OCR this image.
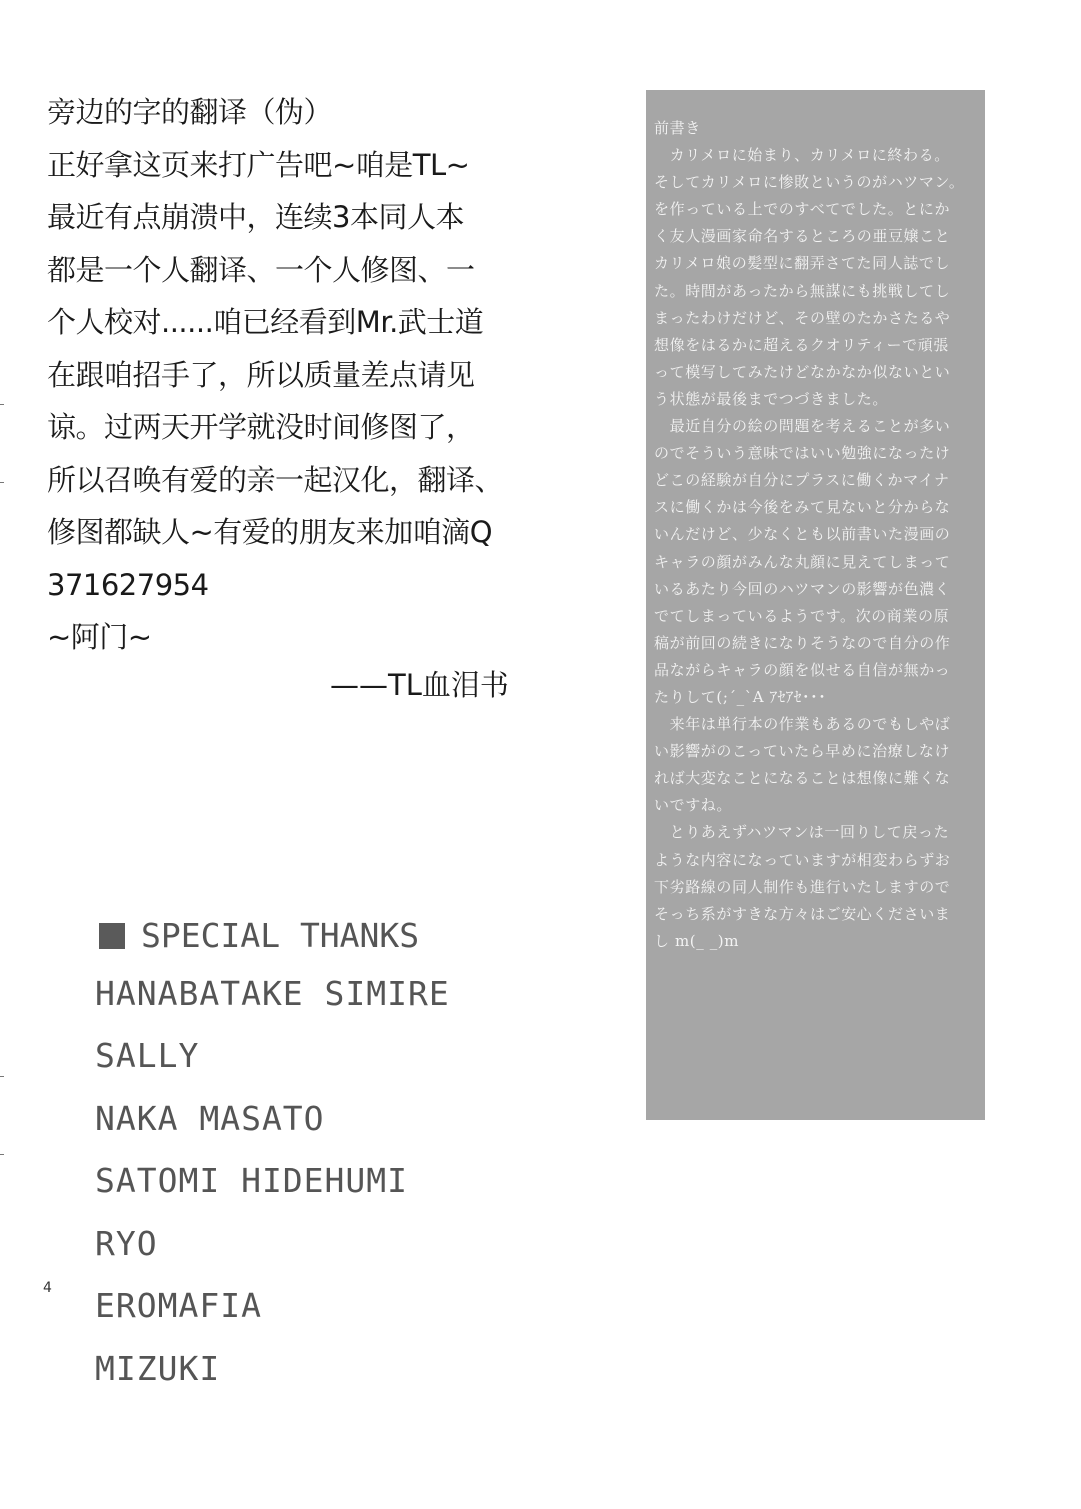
旁边的字的翻译（伪）
正好拿这页来打广告吧~咱是TL~
最近有点崩溃中，连续3本同人本
都是一个人翻译、一个人修图、一
个人校对......咱已经看到Mr.武士道
在跟咱招手了，所以质量差点请见
谅。过两天开学就没时间修图了，
所以召唤有爱的亲一起汉化，翻译、
修图都缺人~有爱的朋友来加咱滴Q
371627954
~阿门~
——TL血泪书
前書き
　カリメロに始まり、カリメロに終わる。
そしてカリメロに惨敗というのがハツマン。
を作っている上でのすべてでした。とにか
く友人漫画家命名するところの亜豆嬢こと
カリメロ娘の髪型に翻弄さてた同人誌でし
た。時間があったから無謀にも挑戦してし
まったわけだけど、その壁のたかさたるや
想像をはるかに超えるクオリティーで頑張
って模写してみたけどなかなか似ないとい
う状態が最後までつづきました。
　最近自分の絵の問題を考えることが多い
のでそういう意味ではいい勉強になったけ
どこの経験が自分にプラスに働くかマイナ
スに働くかは今後をみて見ないと分からな
いんだけど、少なくとも以前書いた漫画の
キャラの顔がみんな丸顔に見えてしまって
いるあたり今回のハツマンの影響が色濃く
でてしまっているようです。次の商業の原
稿が前回の続きになりそうなので自分の作
品ながらキャラの顔を似せる自信が無かっ
たりして(;´_`A ｱｾｱｾ･･･
　来年は単行本の作業もあるのでもしやば
い影響がのこっていたら早めに治療しなけ
れば大変なことになることは想像に難くな
いですね。
　とりあえずハツマンは一回りして戻った
ような内容になっていますが相変わらずお
下劣路線の同人制作も進行いたしますので
そっち系がすきな方々はご安心くださいま
し m(_ _)m
SPECIAL THANKS
HANABATAKE SIMIRE
SALLY
NAKA MASATO
SATOMI HIDEHUMI
RYO
EROMAFIA
MIZUKI
4
